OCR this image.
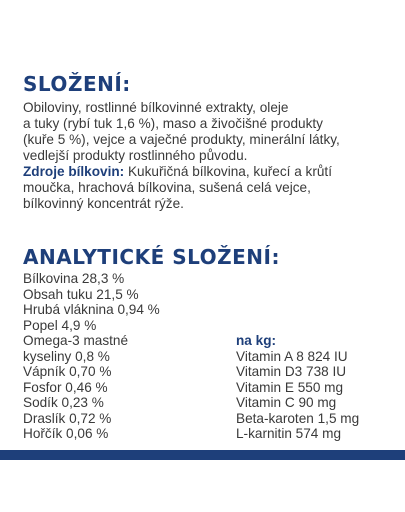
SLOŽENÍ:
Obiloviny, rostlinné bílkovinné extrakty, oleje
a tuky (rybí tuk 1,6 %), maso a živočišné produkty
(kuře 5 %), vejce a vaječné produkty, minerální látky,
vedlejší produkty rostlinného původu.
Zdroje bílkovin: Kukuřičná bílkovina, kuřecí a krůtí
moučka, hrachová bílkovina, sušená celá vejce,
bílkovinný koncentrát rýže.
ANALYTICKÉ SLOŽENÍ:
Bílkovina 28,3 %
Obsah tuku 21,5 %
Hrubá vláknina 0,94 %
Popel 4,9 %
Omega-3 mastné
kyseliny 0,8 %
Vápník 0,70 %
Fosfor 0,46 %
Sodík 0,23 %
Draslík 0,72 %
Hořčík 0,06 %
na kg:
Vitamin A 8 824 IU
Vitamin D3 738 IU
Vitamin E 550 mg
Vitamin C 90 mg
Beta-karoten 1,5 mg
L-karnitin 574 mg
